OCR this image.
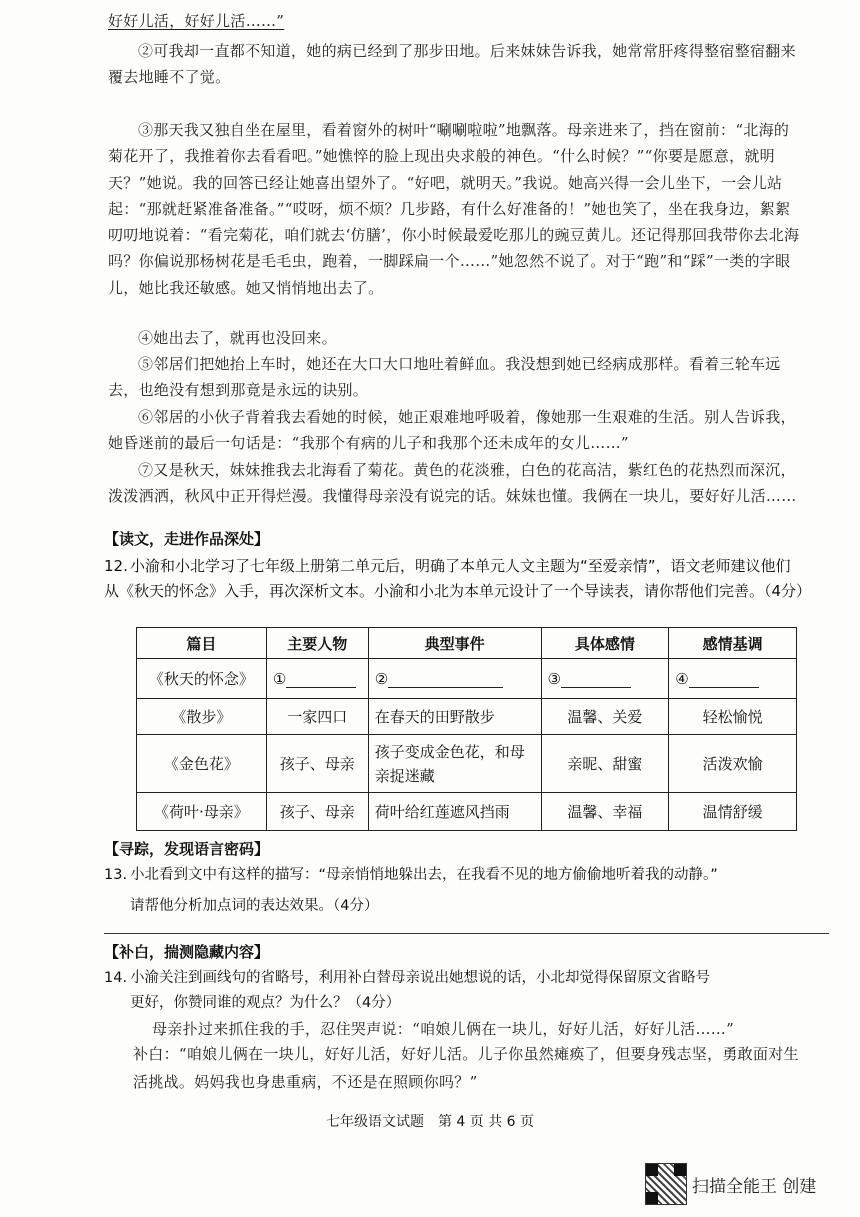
好好儿活，好好儿活……”
②可我却一直都不知道，她的病已经到了那步田地。后来妹妹告诉我，她常常肝疼得整宿整宿翻来覆去地睡不了觉。
③那天我又独自坐在屋里，看着窗外的树叶“唰唰啦啦”地飘落。母亲进来了，挡在窗前：“北海的菊花开了，我推着你去看看吧。”她憔悴的脸上现出央求般的神色。“什么时候？”“你要是愿意，就明天？”她说。我的回答已经让她喜出望外了。“好吧，就明天。”我说。她高兴得一会儿坐下，一会儿站起：“那就赶紧准备准备。”“哎呀，烦不烦？几步路，有什么好准备的！”她也笑了，坐在我身边，絮絮叨叨地说着：“看完菊花，咱们就去‘仿膳’，你小时候最爱吃那儿的豌豆黄儿。还记得那回我带你去北海吗？你偏说那杨树花是毛毛虫，跑着，一脚踩扁一个……”她忽然不说了。对于“跑”和“踩”一类的字眼儿，她比我还敏感。她又悄悄地出去了。
④她出去了，就再也没回来。
⑤邻居们把她抬上车时，她还在大口大口地吐着鲜血。我没想到她已经病成那样。看着三轮车远去，也绝没有想到那竟是永远的诀别。
⑥邻居的小伙子背着我去看她的时候，她正艰难地呼吸着，像她那一生艰难的生活。别人告诉我，她昏迷前的最后一句话是：“我那个有病的儿子和我那个还未成年的女儿……”
⑦又是秋天，妹妹推我去北海看了菊花。黄色的花淡雅，白色的花高洁，紫红色的花热烈而深沉，泼泼洒洒，秋风中正开得烂漫。我懂得母亲没有说完的话。妹妹也懂。我俩在一块儿，要好好儿活……
【读文，走进作品深处】
12. 小渝和小北学习了七年级上册第二单元后，明确了本单元人文主题为“至爱亲情”，语文老师建议他们从《秋天的怀念》入手，再次深析文本。小渝和小北为本单元设计了一个导读表，请你帮他们完善。（4分）
篇目	主要人物	典型事件	具体感情	感情基调
《秋天的怀念》	①	②	③	④
《散步》	一家四口	在春天的田野散步	温馨、关爱	轻松愉悦
《金色花》	孩子、母亲	孩子变成金色花，和母亲捉迷藏	亲昵、甜蜜	活泼欢愉
《荷叶·母亲》	孩子、母亲	荷叶给红莲遮风挡雨	温馨、幸福	温情舒缓
【寻踪，发现语言密码】
13. 小北看到文中有这样的描写：“母亲悄悄地躲出去，在我看不见的地方偷偷地听着我的动静。”
请帮他分析加点词的表达效果。（4分）
【补白，揣测隐藏内容】
14. 小渝关注到画线句的省略号，利用补白替母亲说出她想说的话，小北却觉得保留原文省略号
更好，你赞同谁的观点？为什么？（4分）
母亲扑过来抓住我的手，忍住哭声说：“咱娘儿俩在一块儿，好好儿活，好好儿活……”
补白：“咱娘儿俩在一块儿，好好儿活，好好儿活。儿子你虽然瘫痪了，但要身残志坚，勇敢面对生活挑战。妈妈我也身患重病，不还是在照顾你吗？”
七年级语文试题　第 4 页 共 6 页
扫描全能王 创建
